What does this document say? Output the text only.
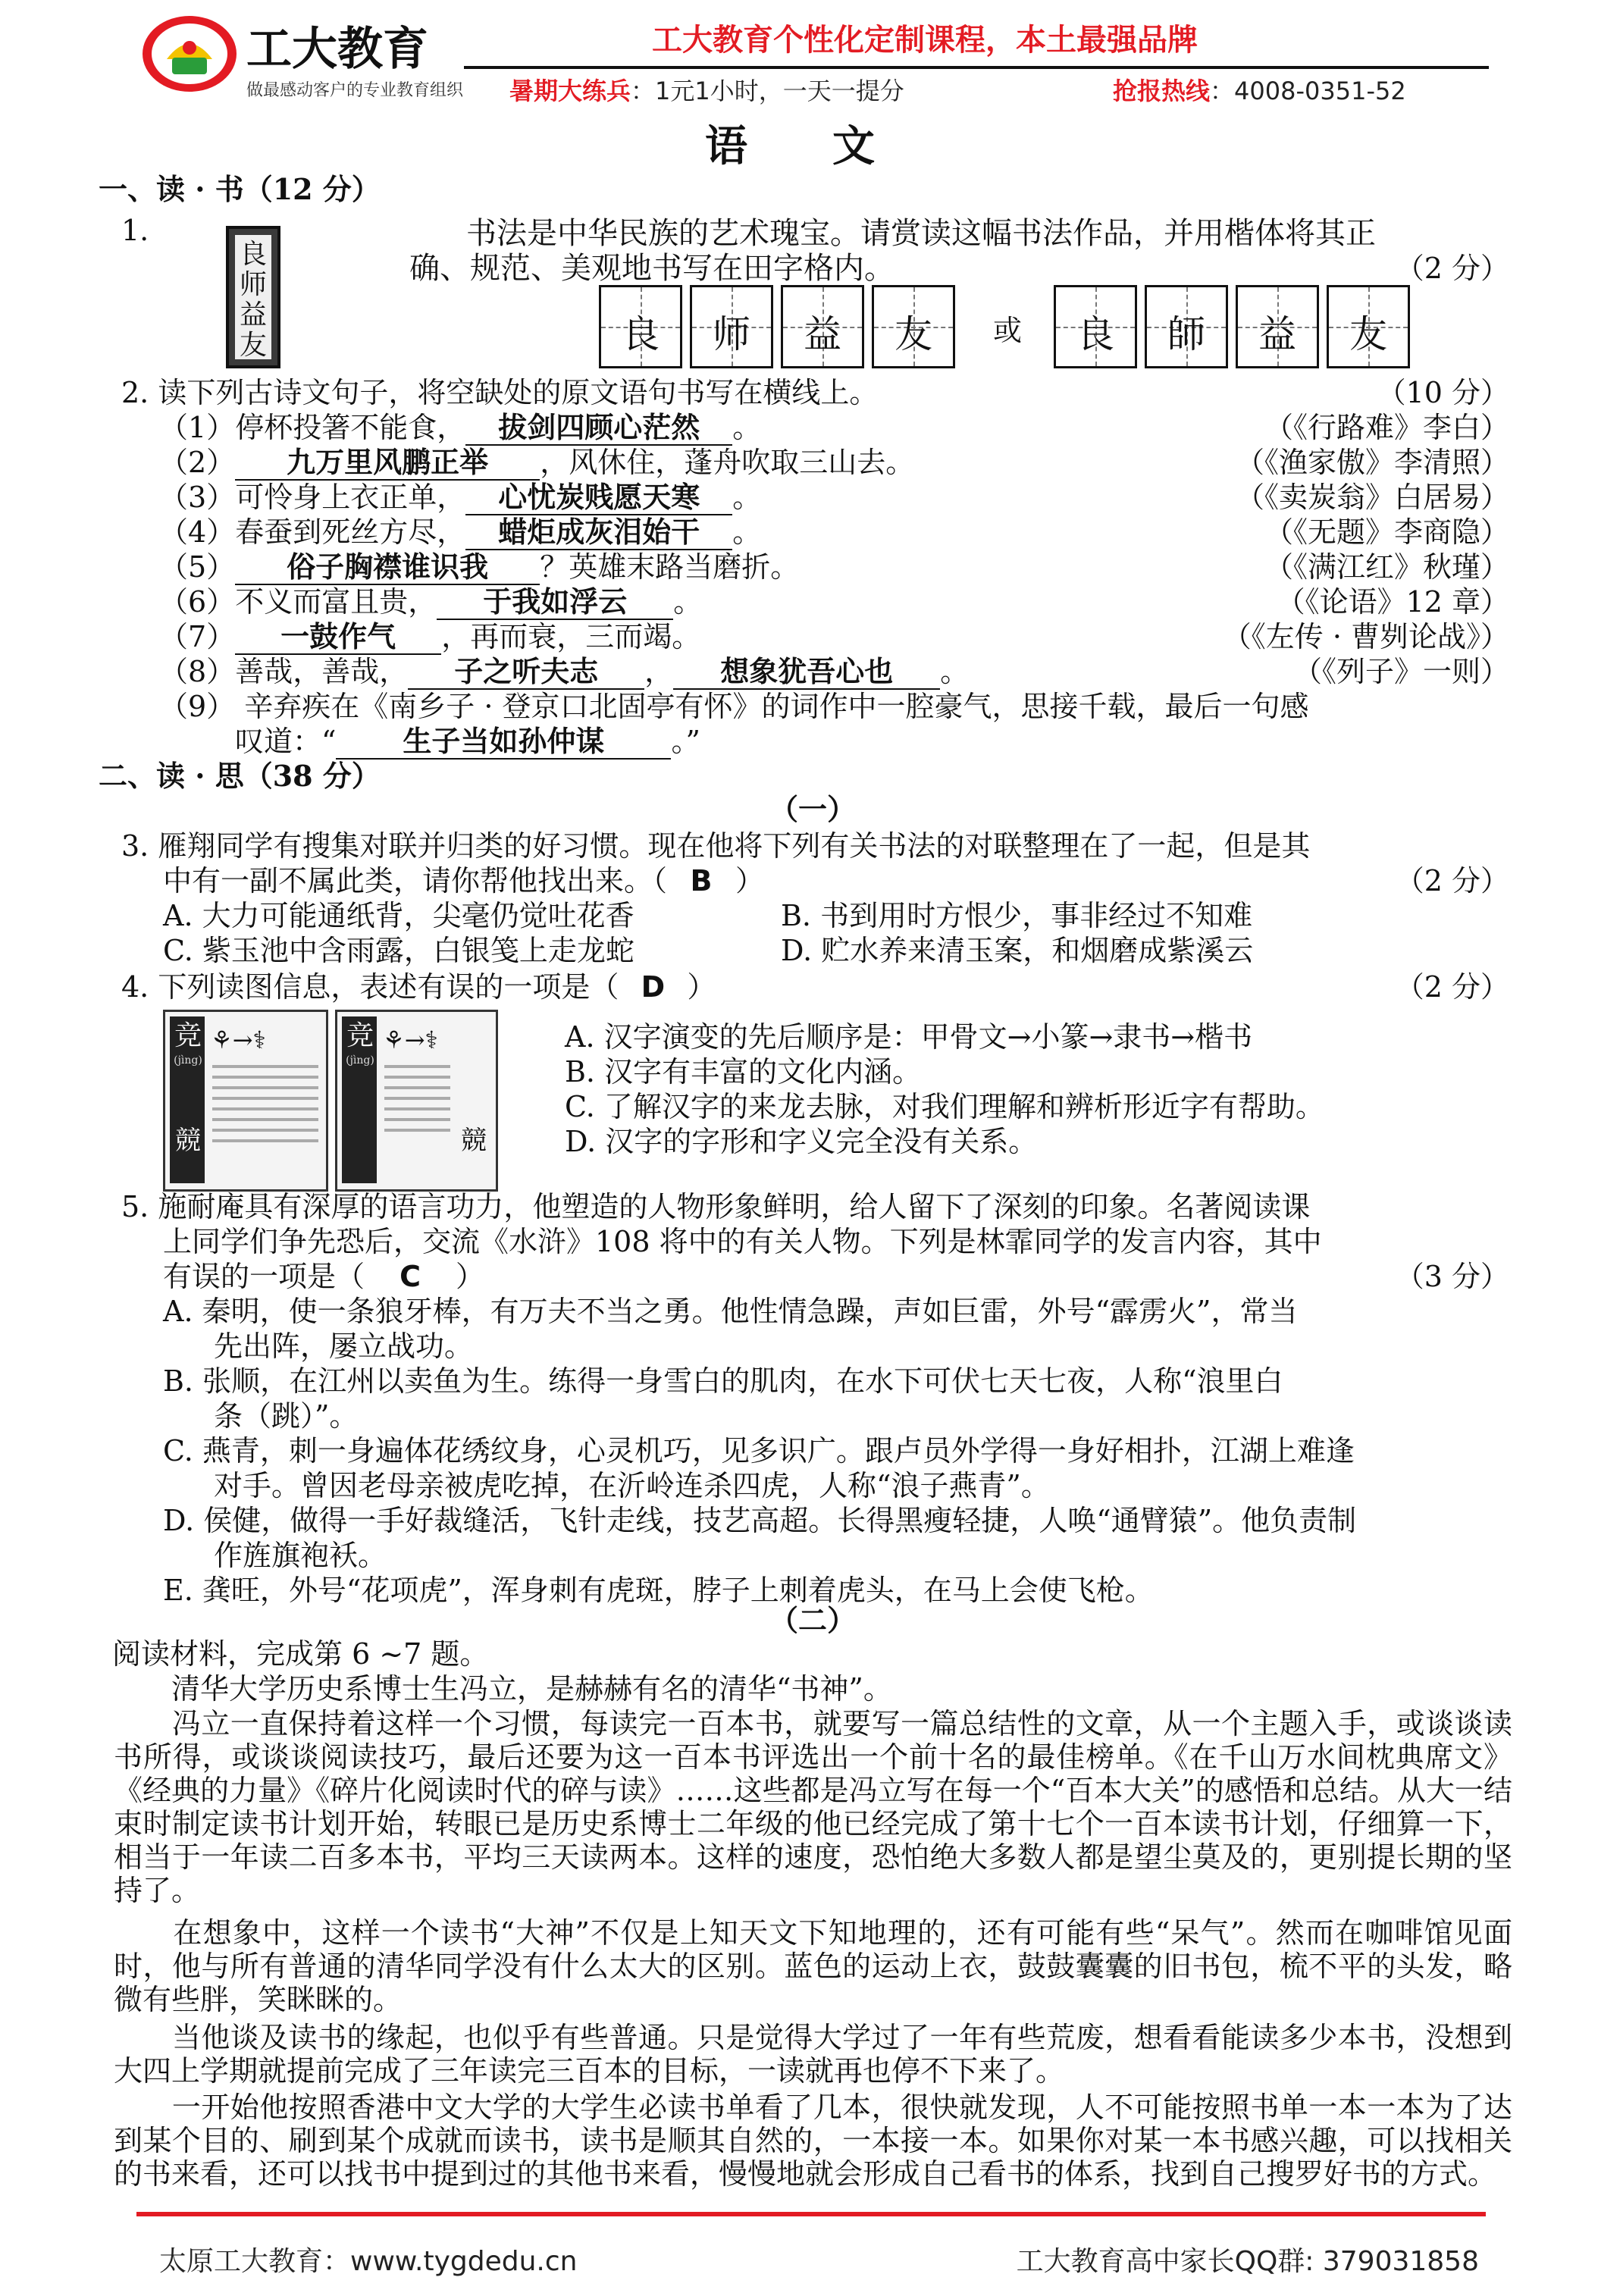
工大教育
做最感动客户的专业教育组织
工大教育个性化定制课程，本土最强品牌
暑期大练兵：1元1小时，一天一提分	抢报热线：4008-0351-52
语　　文
一、读 · 书（12 分）
1.
良师益友
书法是中华民族的艺术瑰宝。请赏读这幅书法作品，并用楷体将其正
确、规范、美观地书写在田字格内。	（2 分）
良	师	益	友	或	良	師	益	友
2. 读下列古诗文句子，将空缺处的原文语句书写在横线上。	（10 分）
（1）停杯投箸不能食， 拔剑四顾心茫然 。	（《行路难》李白）
（2） 九万里风鹏正举 ，风休住，蓬舟吹取三山去。	（《渔家傲》李清照）
（3）可怜身上衣正单， 心忧炭贱愿天寒 。	（《卖炭翁》白居易）
（4）春蚕到死丝方尽， 蜡炬成灰泪始干 。	（《无题》李商隐）
（5） 俗子胸襟谁识我 ？英雄末路当磨折。	（《满江红》秋瑾）
（6）不义而富且贵， 于我如浮云 。	（《论语》12 章）
（7） 一鼓作气 ，再而衰，三而竭。	（《左传 · 曹刿论战》）
（8）善哉，善哉， 子之听夫志 ， 想象犹吾心也 。	（《列子》一则）
（9） 辛弃疾在《南乡子 · 登京口北固亭有怀》的词作中一腔豪气，思接千载，最后一句感
叹道：“ 生子当如孙仲谋 。”
二、读 · 思（38 分）
（一）
3. 雁翔同学有搜集对联并归类的好习惯。现在他将下列有关书法的对联整理在了一起，但是其
中有一副不属此类，请你帮他找出来。（ B ）	（2 分）
A. 大力可能通纸背，尖毫仍觉吐花香	B. 书到用时方恨少，事非经过不知难
C. 紫玉池中含雨露，白银笺上走龙蛇	D. 贮水养来清玉案，和烟磨成紫溪云
4. 下列读图信息，表述有误的一项是（ D ）	（2 分）
竞
(jìng)
競
⚘→⚕	竞
(jìng)
競
⚘→⚕	A. 汉字演变的先后顺序是：甲骨文→小篆→隶书→楷书
B. 汉字有丰富的文化内涵。
C. 了解汉字的来龙去脉，对我们理解和辨析形近字有帮助。
D. 汉字的字形和字义完全没有关系。
5. 施耐庵具有深厚的语言功力，他塑造的人物形象鲜明，给人留下了深刻的印象。名著阅读课
上同学们争先恐后，交流《水浒》108 将中的有关人物。下列是林霏同学的发言内容，其中
有误的一项是（ C ）	（3 分）
A. 秦明，使一条狼牙棒，有万夫不当之勇。他性情急躁，声如巨雷，外号“霹雳火”，常当
先出阵，屡立战功。
B. 张顺，在江州以卖鱼为生。练得一身雪白的肌肉，在水下可伏七天七夜，人称“浪里白
条（跳）”。
C. 燕青，刺一身遍体花绣纹身，心灵机巧，见多识广。跟卢员外学得一身好相扑，江湖上难逢
对手。曾因老母亲被虎吃掉，在沂岭连杀四虎，人称“浪子燕青”。
D. 侯健，做得一手好裁缝活，飞针走线，技艺高超。长得黑瘦轻捷，人唤“通臂猿”。他负责制
作旌旗袍袄。
E. 龚旺，外号“花项虎”，浑身刺有虎斑，脖子上刺着虎头，在马上会使飞枪。
（二）
阅读材料，完成第 6 ~7 题。
　　清华大学历史系博士生冯立，是赫赫有名的清华“书神”。
　　冯立一直保持着这样一个习惯，每读完一百本书，就要写一篇总结性的文章，从一个主题入手，或谈谈读书所得，或谈谈阅读技巧，最后还要为这一百本书评选出一个前十名的最佳榜单。《在千山万水间枕典席文》《经典的力量》《碎片化阅读时代的碎与读》……这些都是冯立写在每一个“百本大关”的感悟和总结。从大一结束时制定读书计划开始，转眼已是历史系博士二年级的他已经完成了第十七个一百本读书计划，仔细算一下，相当于一年读二百多本书，平均三天读两本。这样的速度，恐怕绝大多数人都是望尘莫及的，更别提长期的坚持了。
　　在想象中，这样一个读书“大神”不仅是上知天文下知地理的，还有可能有些“呆气”。然而在咖啡馆见面时，他与所有普通的清华同学没有什么太大的区别。蓝色的运动上衣，鼓鼓囊囊的旧书包，梳不平的头发，略微有些胖，笑眯眯的。
　　当他谈及读书的缘起，也似乎有些普通。只是觉得大学过了一年有些荒废，想看看能读多少本书，没想到大四上学期就提前完成了三年读完三百本的目标，一读就再也停不下来了。
　　一开始他按照香港中文大学的大学生必读书单看了几本，很快就发现，人不可能按照书单一本一本为了达到某个目的、刷到某个成就而读书，读书是顺其自然的，一本接一本。如果你对某一本书感兴趣，可以找相关的书来看，还可以找书中提到过的其他书来看，慢慢地就会形成自己看书的体系，找到自己搜罗好书的方式。
太原工大教育：www.tygdedu.cn	工大教育高中家长QQ群: 379031858
